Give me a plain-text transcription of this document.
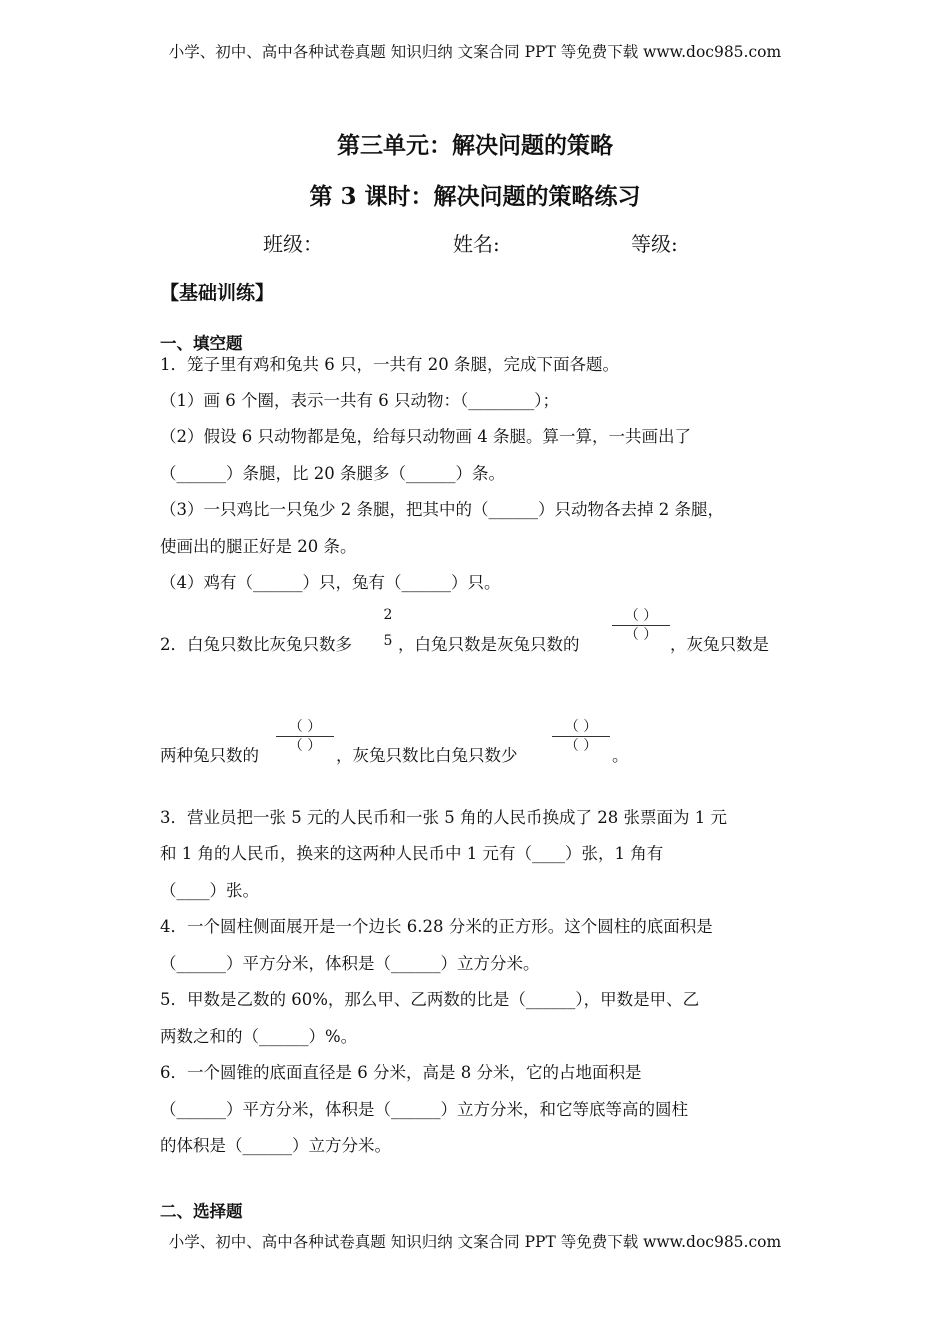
小学、初中、高中各种试卷真题 知识归纳 文案合同 PPT 等免费下载 www.doc985.com
第三单元：解决问题的策略
第 3 课时：解决问题的策略练习
班级：	姓名:	等级:
【基础训练】
一、填空题
1．笼子里有鸡和兔共 6 只，一共有 20 条腿，完成下面各题。
（1）画 6 个圈，表示一共有 6 只动物：（________）；
（2）假设 6 只动物都是兔，给每只动物画 4 条腿。算一算，一共画出了
（______）条腿，比 20 条腿多（______）条。
（3）一只鸡比一只兔少 2 条腿，把其中的（______）只动物各去掉 2 条腿，
使画出的腿正好是 20 条。
（4）鸡有（______）只，兔有（______）只。
2．白兔只数比灰兔只数多
2
5 ，白兔只数是灰兔只数的
（ ）
（ ） ，灰兔只数是
两种兔只数的
（ ）
（ ） ，灰兔只数比白兔只数少
（ ）
（ ） 。
3．营业员把一张 5 元的人民币和一张 5 角的人民币换成了 28 张票面为 1 元
和 1 角的人民币，换来的这两种人民币中 1 元有（____）张，1 角有
（____）张。
4．一个圆柱侧面展开是一个边长 6.28 分米的正方形。这个圆柱的底面积是
（______）平方分米，体积是（______）立方分米。
5．甲数是乙数的 60%，那么甲、乙两数的比是（______），甲数是甲、乙
两数之和的（______）%。
6．一个圆锥的底面直径是 6 分米，高是 8 分米，它的占地面积是
（______）平方分米，体积是（______）立方分米，和它等底等高的圆柱
的体积是（______）立方分米。
二、选择题
小学、初中、高中各种试卷真题 知识归纳 文案合同 PPT 等免费下载 www.doc985.com
